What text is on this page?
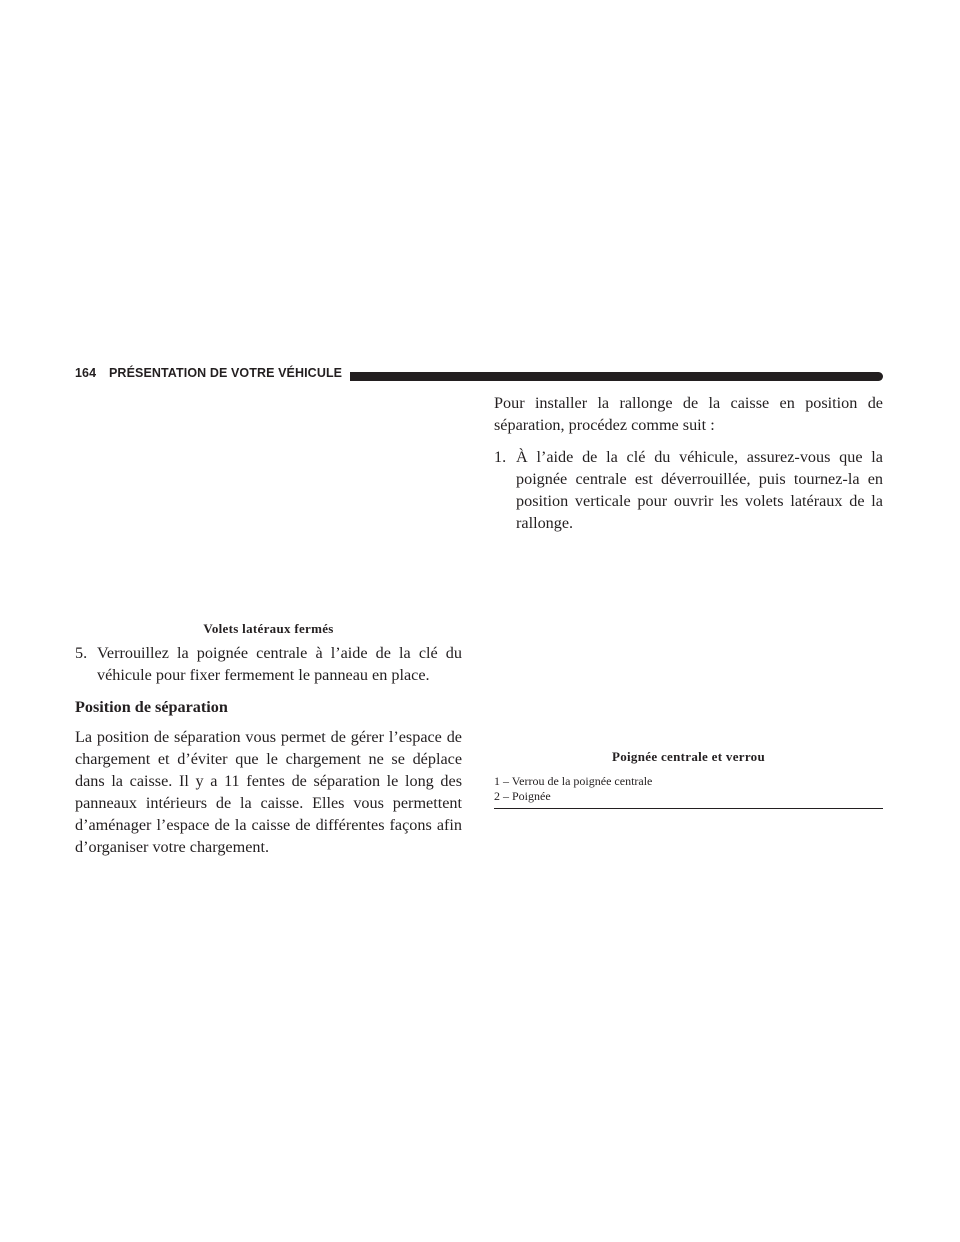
164 PRÉSENTATION DE VOTRE VÉHICULE
Volets latéraux fermés

5. Verrouillez la poignée centrale à l’aide de la clé du véhicule pour fixer fermement le panneau en place.

Position de séparation

La position de séparation vous permet de gérer l’espace de chargement et d’éviter que le chargement ne se déplace dans la caisse. Il y a 11 fentes de séparation le long des panneaux intérieurs de la caisse. Elles vous permettent d’aménager l’espace de la caisse de différentes façons afin d’organiser votre chargement.

Pour installer la rallonge de la caisse en position de séparation, procédez comme suit :

1. À l’aide de la clé du véhicule, assurez-vous que la poignée centrale est déverrouillée, puis tournez-la en position verticale pour ouvrir les volets latéraux de la rallonge.

Poignée centrale et verrou
1 – Verrou de la poignée centrale
2 – Poignée
